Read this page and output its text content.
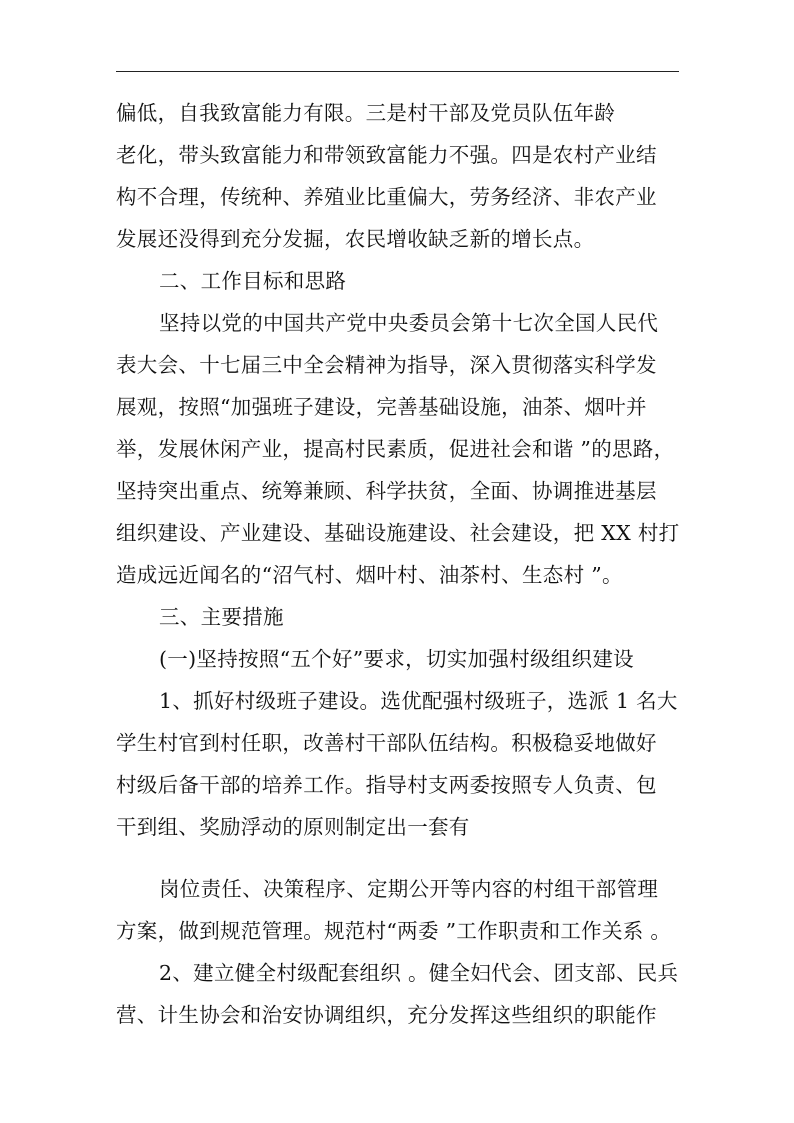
偏低，自我致富能力有限。三是村干部及党员队伍年龄
老化，带头致富能力和带领致富能力不强。四是农村产业结
构不合理，传统种、养殖业比重偏大，劳务经济、非农产业
发展还没得到充分发掘，农民增收缺乏新的增长点。
二、工作目标和思路
坚持以党的中国共产党中央委员会第十七次全国人民代
表大会、十七届三中全会精神为指导，深入贯彻落实科学发
展观，按照“加强班子建设，完善基础设施，油茶、烟叶并
举，发展休闲产业，提高村民素质，促进社会和谐 ”的思路，
坚持突出重点、统筹兼顾、科学扶贫，全面、协调推进基层
组织建设、产业建设、基础设施建设、社会建设，把 XX 村打
造成远近闻名的“沼气村、烟叶村、油茶村、生态村 ”。
三、主要措施
(一)坚持按照“五个好”要求，切实加强村级组织建设
1、抓好村级班子建设。选优配强村级班子，选派 1 名大
学生村官到村任职，改善村干部队伍结构。积极稳妥地做好
村级后备干部的培养工作。指导村支两委按照专人负责、包
干到组、奖励浮动的原则制定出一套有
岗位责任、决策程序、定期公开等内容的村组干部管理
方案，做到规范管理。规范村“两委 ”工作职责和工作关系 。
2、建立健全村级配套组织 。健全妇代会、团支部、民兵
营、计生协会和治安协调组织，充分发挥这些组织的职能作
